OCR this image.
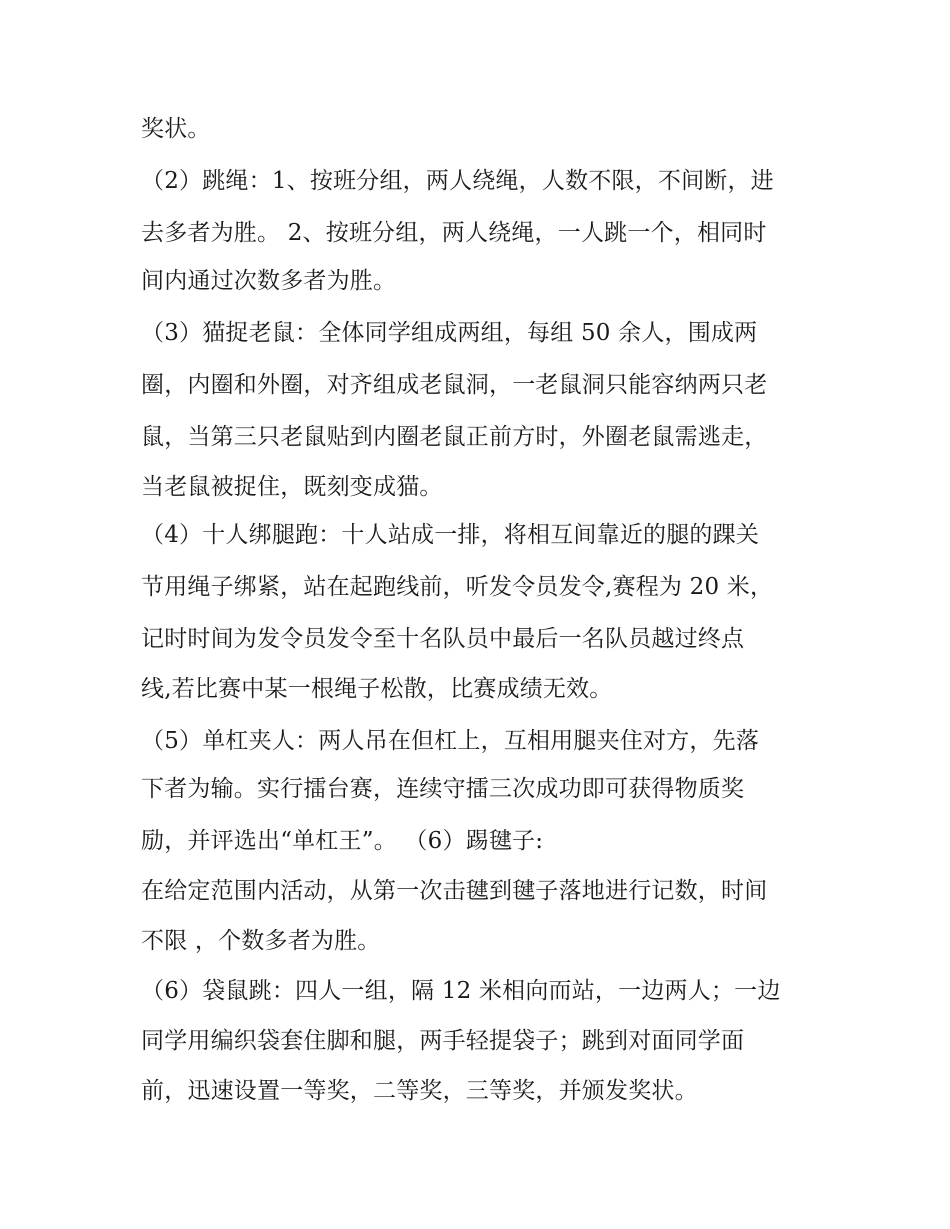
奖状。
（2）跳绳：1、按班分组，两人绕绳，人数不限，不间断，进
去多者为胜。 2、按班分组，两人绕绳，一人跳一个，相同时
间内通过次数多者为胜。
（3）猫捉老鼠：全体同学组成两组，每组 50 余人，围成两
圈，内圈和外圈，对齐组成老鼠洞，一老鼠洞只能容纳两只老
鼠，当第三只老鼠贴到内圈老鼠正前方时，外圈老鼠需逃走，
当老鼠被捉住，既刻变成猫。
（4）十人绑腿跑：十人站成一排，将相互间靠近的腿的踝关
节用绳子绑紧，站在起跑线前，听发令员发令,赛程为 20 米，
记时时间为发令员发令至十名队员中最后一名队员越过终点
线,若比赛中某一根绳子松散，比赛成绩无效。
（5）单杠夹人：两人吊在但杠上，互相用腿夹住对方，先落
下者为输。实行擂台赛，连续守擂三次成功即可获得物质奖
励，并评选出“单杠王”。 （6）踢毽子:
在给定范围内活动，从第一次击毽到毽子落地进行记数，时间
不限 ，个数多者为胜。
（6）袋鼠跳：四人一组，隔 12 米相向而站，一边两人；一边
同学用编织袋套住脚和腿，两手轻提袋子；跳到对面同学面
前，迅速设置一等奖，二等奖，三等奖，并颁发奖状。
